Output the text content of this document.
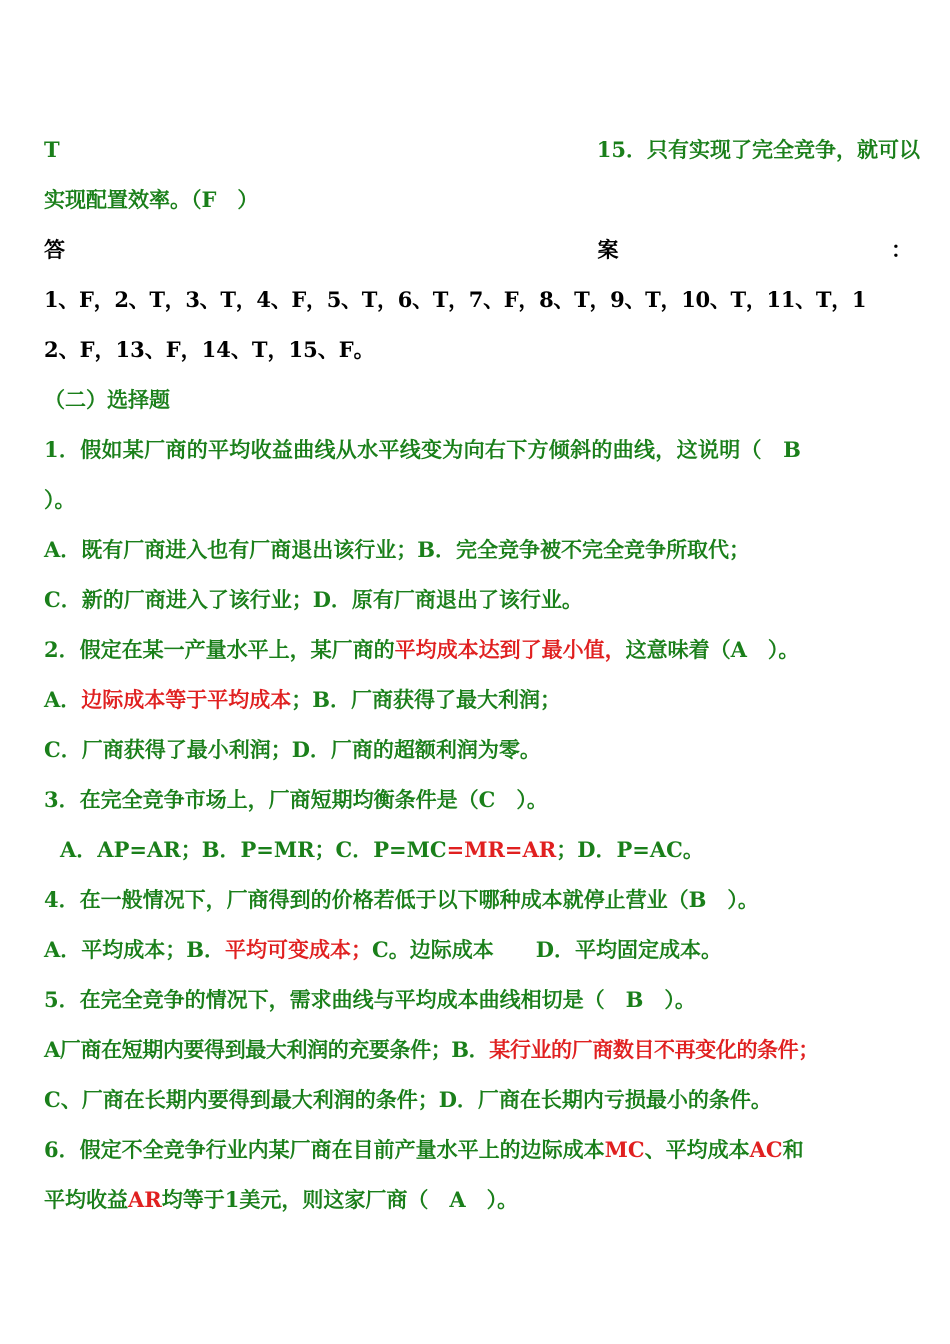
T	15．只有实现了完全竞争，就可以
实现配置效率。（F　）
答	案	：
1、F，2、T，3、T，4、F，5、T，6、T，7、F，8、T，9、T，10、T，11、T，1
2、F，13、F，14、T，15、F。
（二）选择题
1．假如某厂商的平均收益曲线从水平线变为向右下方倾斜的曲线，这说明（　B
）。
A．既有厂商进入也有厂商退出该行业；B．完全竞争被不完全竞争所取代；
C．新的厂商进入了该行业；D．原有厂商退出了该行业。
2．假定在某一产量水平上，某厂商的平均成本达到了最小值，这意味着（A　）。
A．边际成本等于平均成本；B．厂商获得了最大利润；
C．厂商获得了最小利润；D．厂商的超额利润为零。
3．在完全竞争市场上，厂商短期均衡条件是（C　）。
A．AP=AR；B．P=MR；C．P=MC=MR=AR；D．P=AC。
4．在一般情况下，厂商得到的价格若低于以下哪种成本就停止营业（B　）。
A．平均成本；B．平均可变成本；C。边际成本　　D．平均固定成本。
5．在完全竞争的情况下，需求曲线与平均成本曲线相切是（　B　）。
A厂商在短期内要得到最大利润的充要条件；B．某行业的厂商数目不再变化的条件；
C、厂商在长期内要得到最大利润的条件；D．厂商在长期内亏损最小的条件。
6．假定不全竞争行业内某厂商在目前产量水平上的边际成本MC、平均成本AC和
平均收益AR均等于1美元，则这家厂商（　A　）。
